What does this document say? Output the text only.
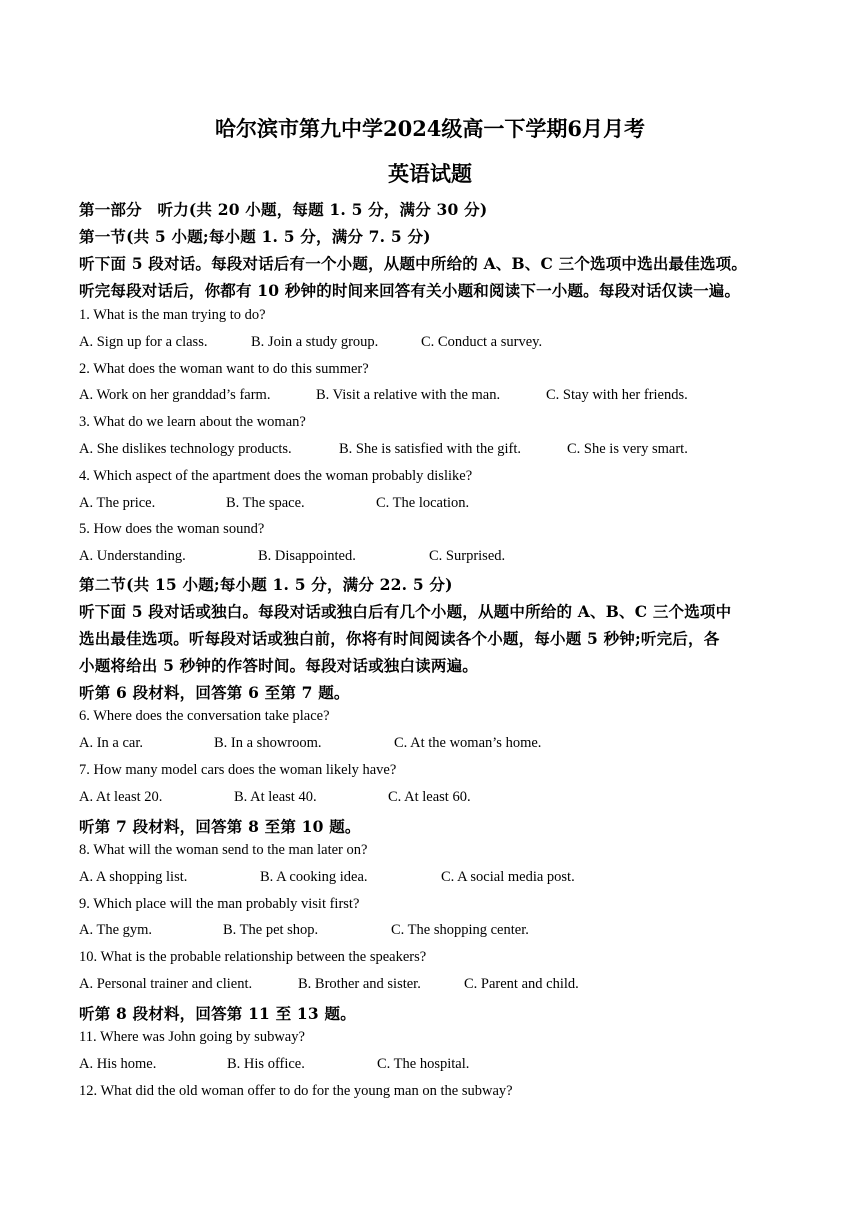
哈尔滨市第九中学2024级高一下学期6月月考
英语试题
第一部分　听力(共 20 小题，每题 1. 5 分，满分 30 分)
第一节(共 5 小题;每小题 1. 5 分，满分 7. 5 分)
听下面 5 段对话。每段对话后有一个小题，从题中所给的 A、B、C 三个选项中选出最佳选项。
听完每段对话后，你都有 10 秒钟的时间来回答有关小题和阅读下一小题。每段对话仅读一遍。
1. What is the man trying to do?
A. Sign up for a class.	B. Join a study group.	C. Conduct a survey.
2. What does the woman want to do this summer?
A. Work on her granddad’s farm.	B. Visit a relative with the man.	C. Stay with her friends.
3. What do we learn about the woman?
A. She dislikes technology products.	B. She is satisfied with the gift.	C. She is very smart.
4. Which aspect of the apartment does the woman probably dislike?
A. The price.	B. The space.	C. The location.
5. How does the woman sound?
A. Understanding.	B. Disappointed.	C. Surprised.
第二节(共 15 小题;每小题 1. 5 分，满分 22. 5 分)
听下面 5 段对话或独白。每段对话或独白后有几个小题，从题中所给的 A、B、C 三个选项中
选出最佳选项。听每段对话或独白前，你将有时间阅读各个小题，每小题 5 秒钟;听完后，各
小题将给出 5 秒钟的作答时间。每段对话或独白读两遍。
听第 6 段材料，回答第 6 至第 7 题。
6. Where does the conversation take place?
A. In a car.	B. In a showroom.	C. At the woman’s home.
7. How many model cars does the woman likely have?
A. At least 20.	B. At least 40.	C. At least 60.
听第 7 段材料，回答第 8 至第 10 题。
8. What will the woman send to the man later on?
A. A shopping list.	B. A cooking idea.	C. A social media post.
9. Which place will the man probably visit first?
A. The gym.	B. The pet shop.	C. The shopping center.
10. What is the probable relationship between the speakers?
A. Personal trainer and client.	B. Brother and sister.	C. Parent and child.
听第 8 段材料，回答第 11 至 13 题。
11. Where was John going by subway?
A. His home.	B. His office.	C. The hospital.
12. What did the old woman offer to do for the young man on the subway?
